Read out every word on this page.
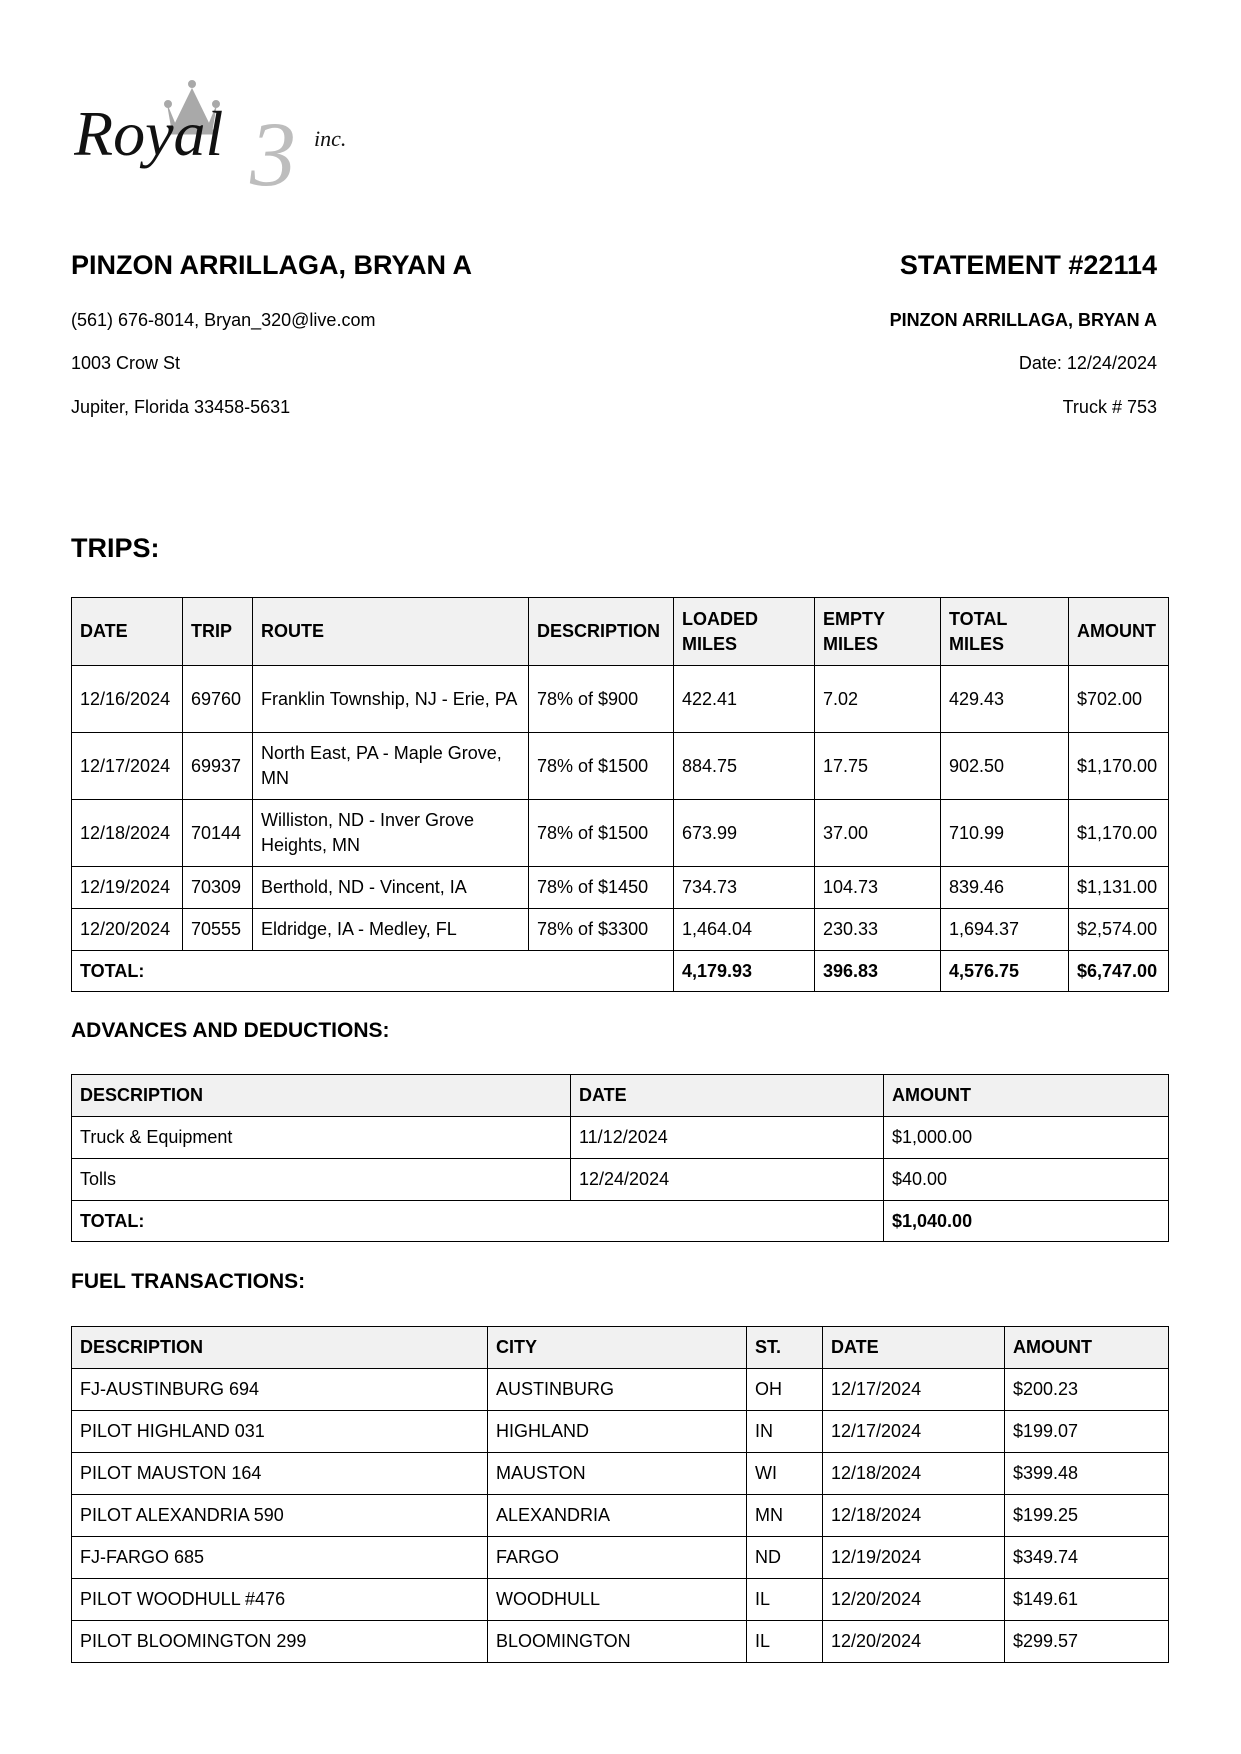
3
Royal	inc.
PINZON ARRILLAGA, BRYAN A	STATEMENT #22114
(561) 676-8014, Bryan_320@live.com
1003 Crow St
Jupiter, Florida 33458-5631
PINZON ARRILLAGA, BRYAN A
Date: 12/24/2024
Truck # 753
TRIPS:
DATE	TRIP	ROUTE	DESCRIPTION	LOADED MILES	EMPTY MILES	TOTAL MILES	AMOUNT
12/16/2024	69760	Franklin Township, NJ - Erie, PA	78% of $900	422.41	7.02	429.43	$702.00
12/17/2024	69937	North East, PA - Maple Grove, MN	78% of $1500	884.75	17.75	902.50	$1,170.00
12/18/2024	70144	Williston, ND - Inver Grove Heights, MN	78% of $1500	673.99	37.00	710.99	$1,170.00
12/19/2024	70309	Berthold, ND - Vincent, IA	78% of $1450	734.73	104.73	839.46	$1,131.00
12/20/2024	70555	Eldridge, IA - Medley, FL	78% of $3300	1,464.04	230.33	1,694.37	$2,574.00
TOTAL:				4,179.93	396.83	4,576.75	$6,747.00
ADVANCES AND DEDUCTIONS:
DESCRIPTION	DATE	AMOUNT
Truck & Equipment	11/12/2024	$1,000.00
Tolls	12/24/2024	$40.00
TOTAL:		$1,040.00
FUEL TRANSACTIONS:
DESCRIPTION	CITY	ST.	DATE	AMOUNT
FJ-AUSTINBURG 694	AUSTINBURG	OH	12/17/2024	$200.23
PILOT HIGHLAND 031	HIGHLAND	IN	12/17/2024	$199.07
PILOT MAUSTON 164	MAUSTON	WI	12/18/2024	$399.48
PILOT ALEXANDRIA 590	ALEXANDRIA	MN	12/18/2024	$199.25
FJ-FARGO 685	FARGO	ND	12/19/2024	$349.74
PILOT WOODHULL #476	WOODHULL	IL	12/20/2024	$149.61
PILOT BLOOMINGTON 299	BLOOMINGTON	IL	12/20/2024	$299.57
